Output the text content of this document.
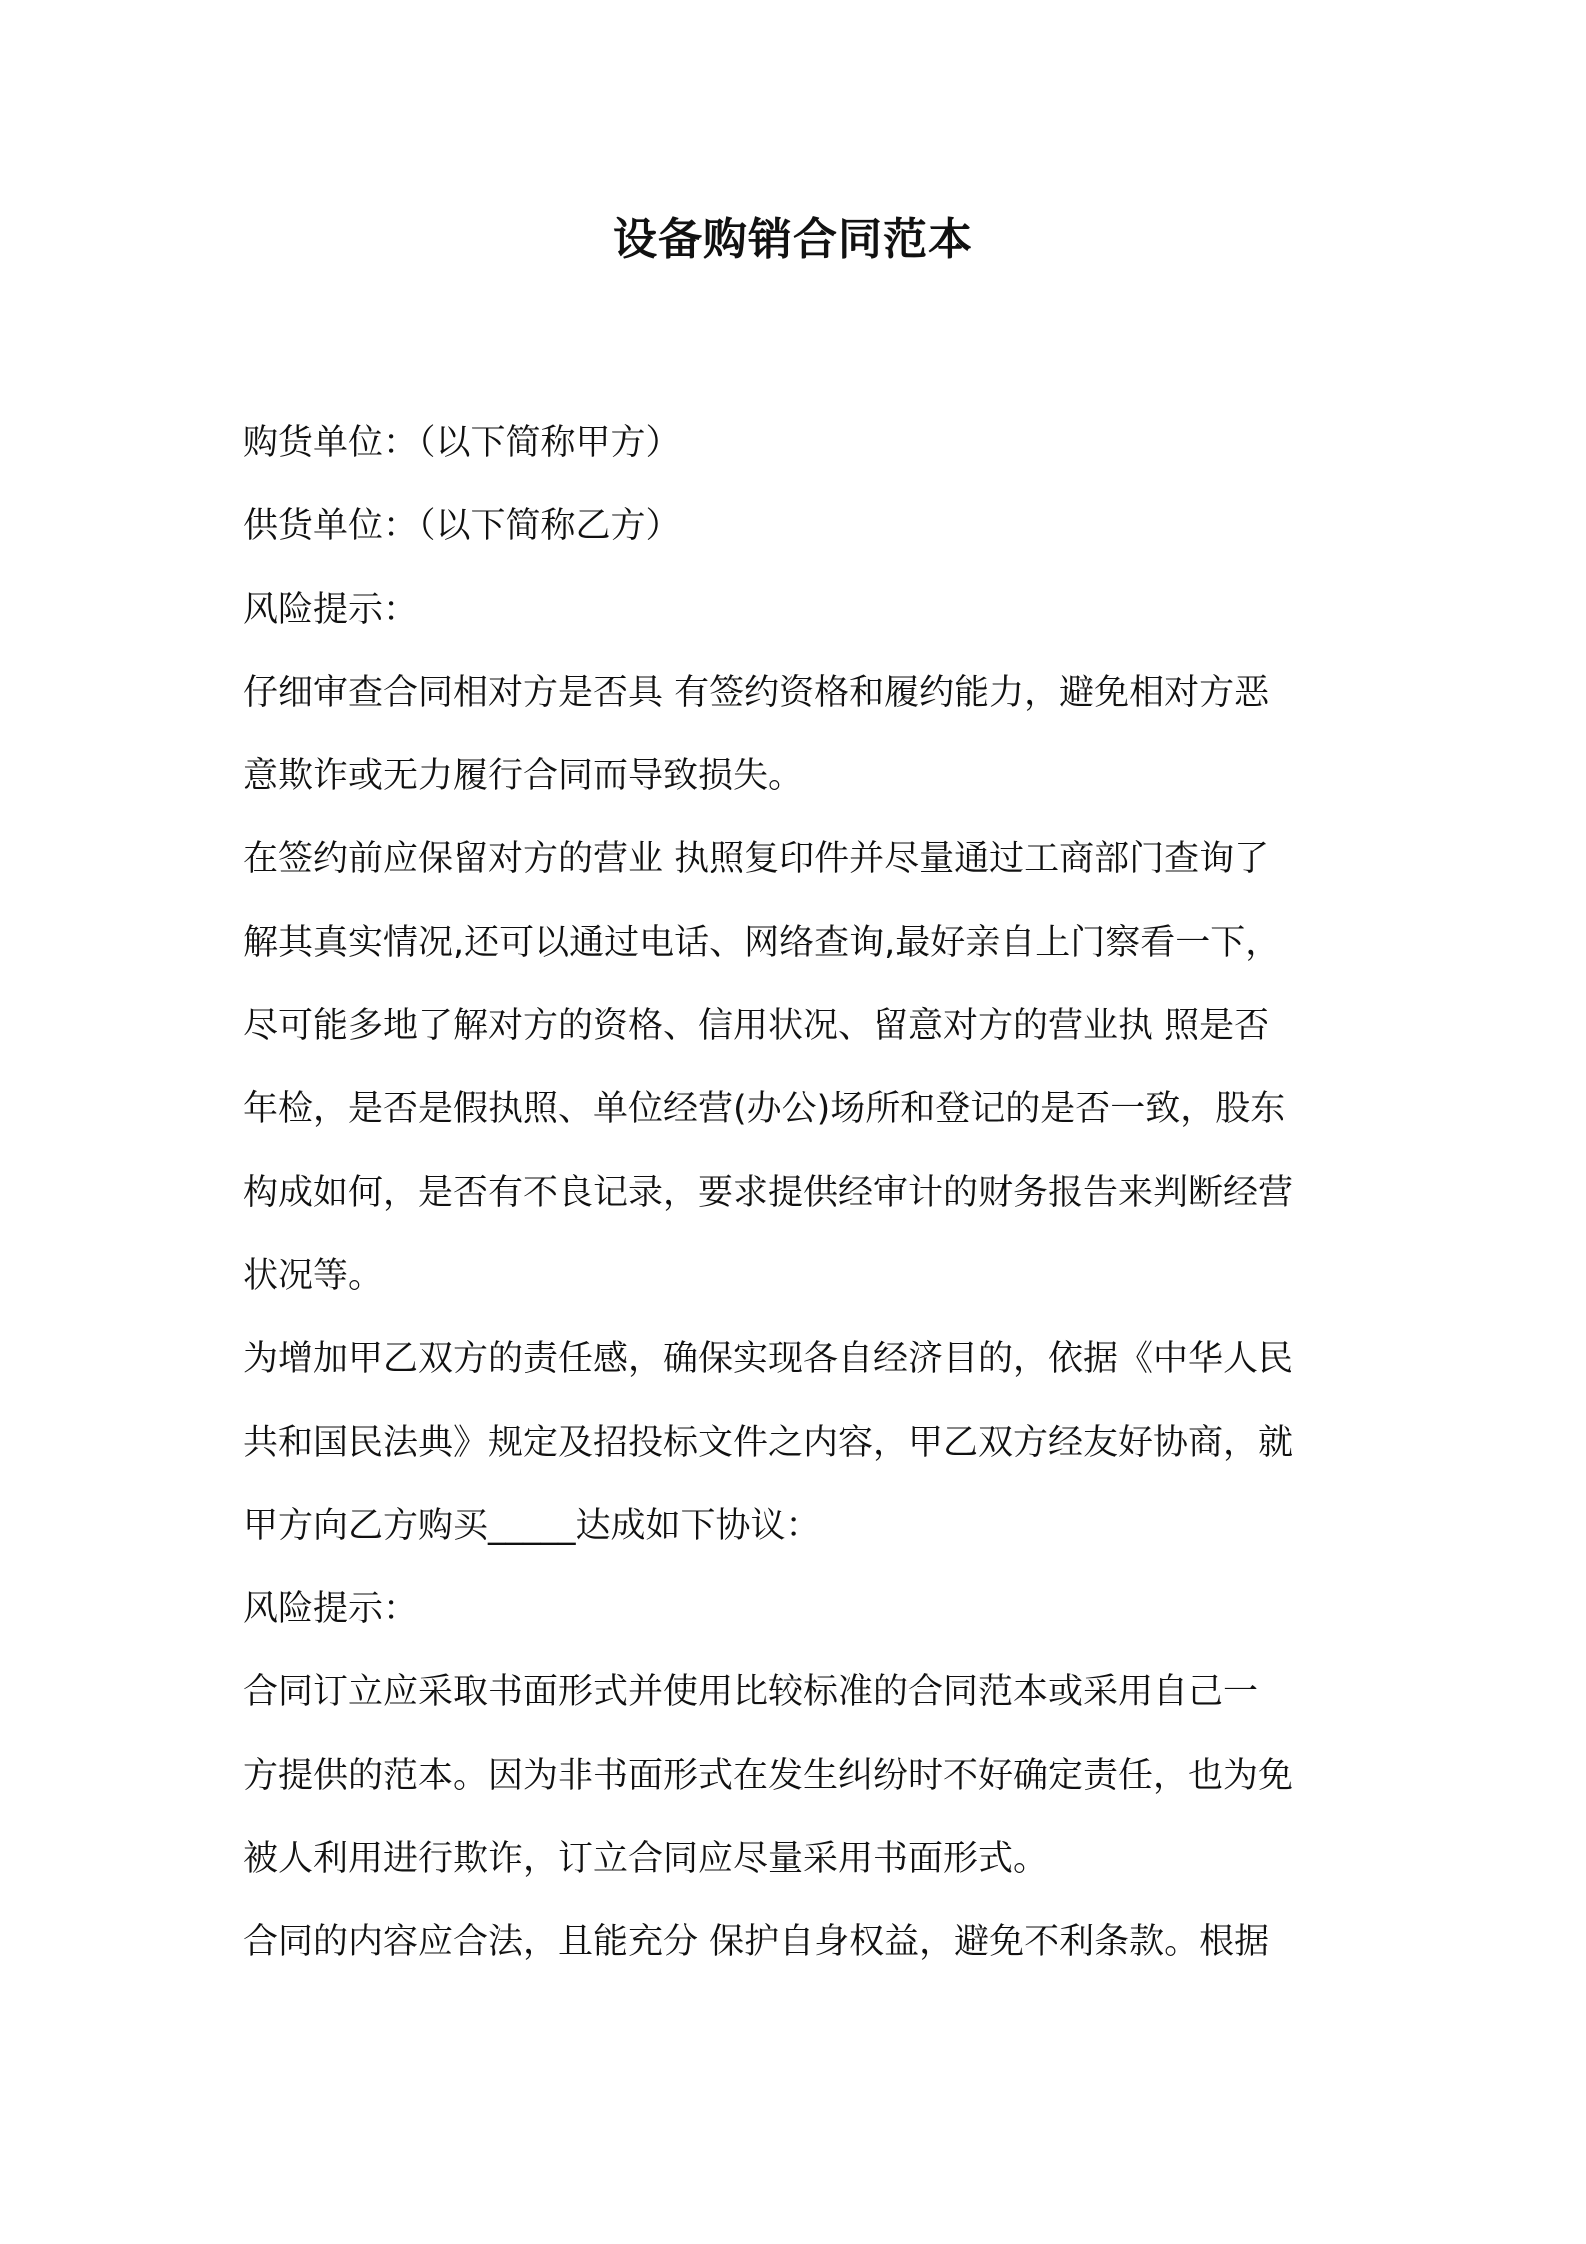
设备购销合同范本
购货单位：（以下简称甲方）
供货单位：（以下简称乙方）
风险提示：
仔细审查合同相对方是否具 有签约资格和履约能力，避免相对方恶
意欺诈或无力履行合同而导致损失。
在签约前应保留对方的营业 执照复印件并尽量通过工商部门查询了
解其真实情况,还可以通过电话、网络查询,最好亲自上门察看一下，
尽可能多地了解对方的资格、信用状况、留意对方的营业执 照是否
年检，是否是假执照、单位经营(办公)场所和登记的是否一致，股东
构成如何，是否有不良记录，要求提供经审计的财务报告来判断经营
状况等。
为增加甲乙双方的责任感，确保实现各自经济目的，依据《中华人民
共和国民法典》规定及招投标文件之内容，甲乙双方经友好协商，就
甲方向乙方购买_____达成如下协议：
风险提示：
合同订立应采取书面形式并使用比较标准的合同范本或采用自己一
方提供的范本。因为非书面形式在发生纠纷时不好确定责任，也为免
被人利用进行欺诈，订立合同应尽量采用书面形式。
合同的内容应合法，且能充分 保护自身权益，避免不利条款。根据
